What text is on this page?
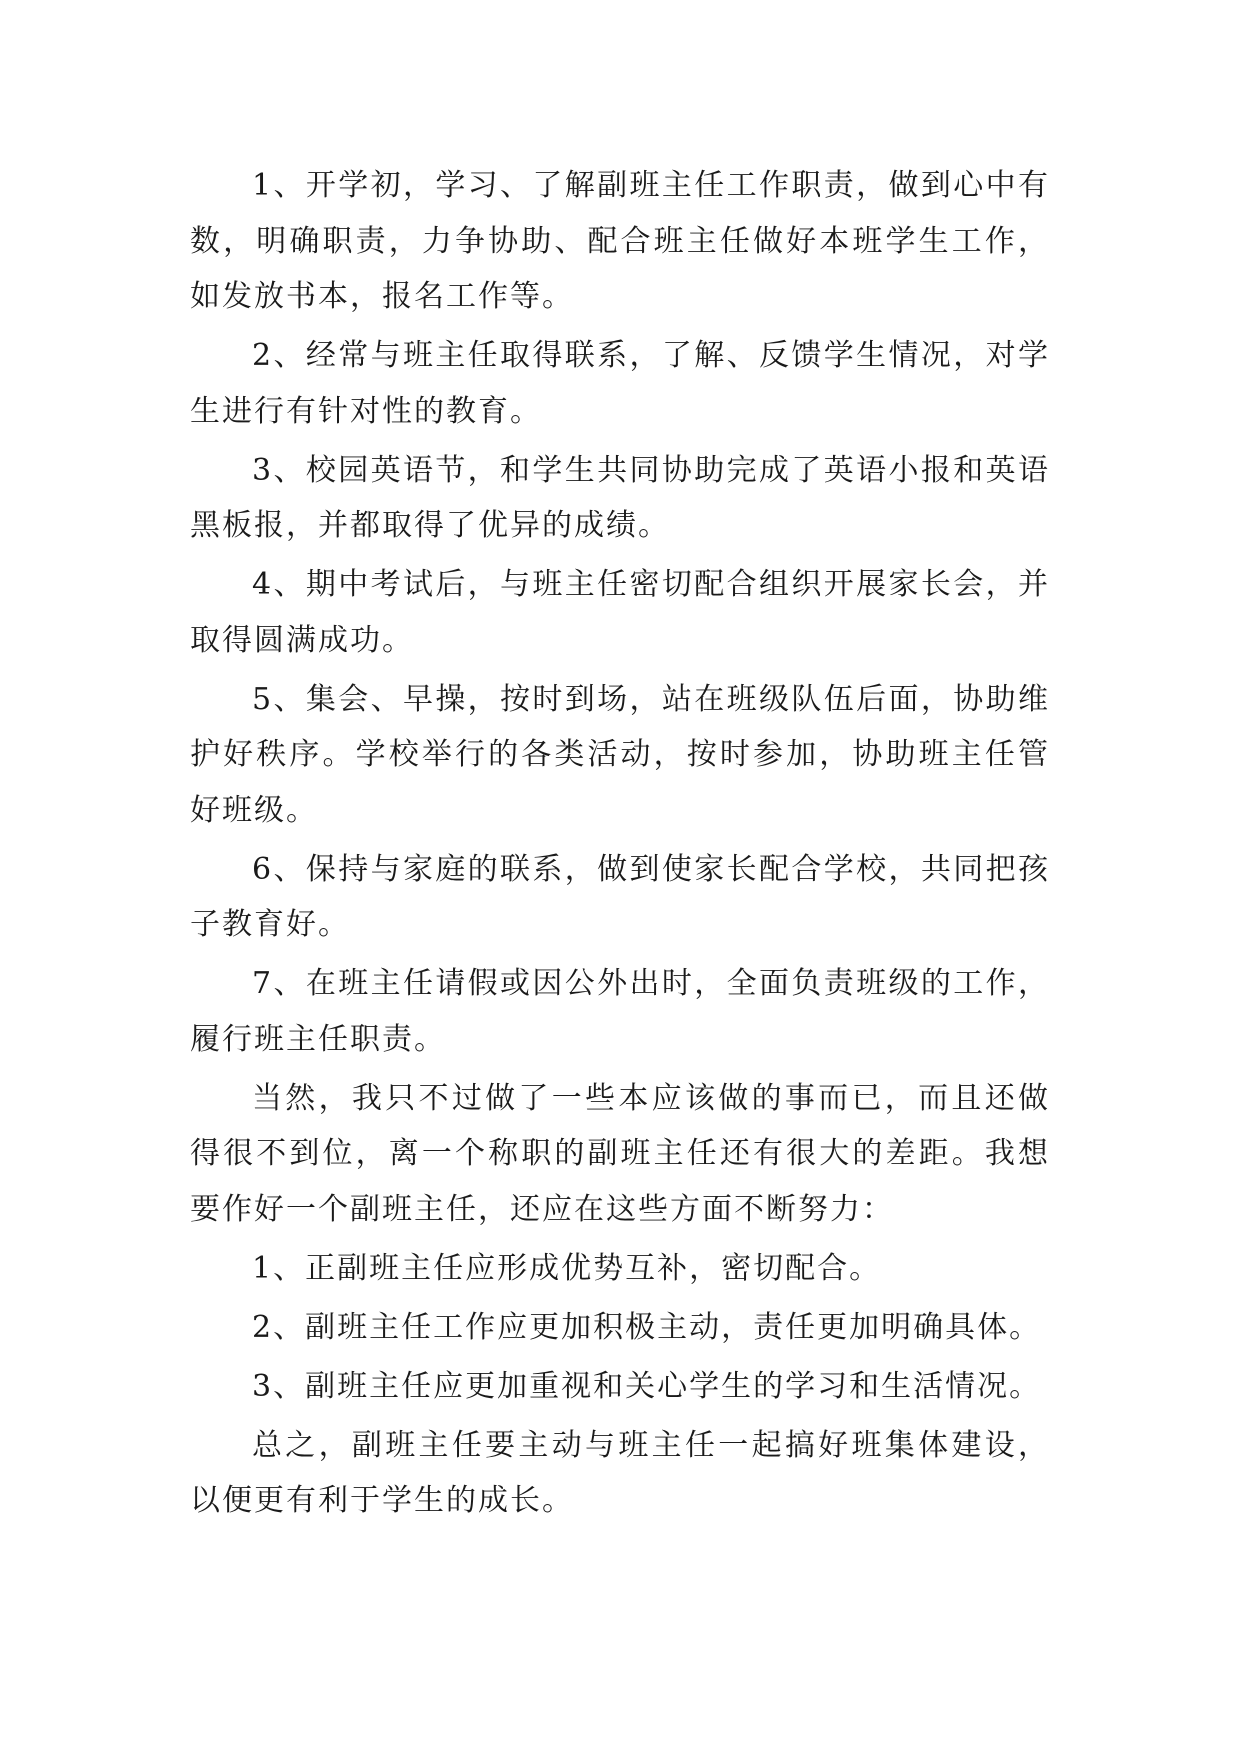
1、开学初，学习、了解副班主任工作职责，做到心中有数，明确职责，力争协助、配合班主任做好本班学生工作，如发放书本，报名工作等。

2、经常与班主任取得联系，了解、反馈学生情况，对学生进行有针对性的教育。

3、校园英语节，和学生共同协助完成了英语小报和英语黑板报，并都取得了优异的成绩。

4、期中考试后，与班主任密切配合组织开展家长会，并取得圆满成功。

5、集会、早操，按时到场，站在班级队伍后面，协助维护好秩序。学校举行的各类活动，按时参加，协助班主任管好班级。

6、保持与家庭的联系，做到使家长配合学校，共同把孩子教育好。

7、在班主任请假或因公外出时，全面负责班级的工作，履行班主任职责。

当然，我只不过做了一些本应该做的事而已，而且还做得很不到位，离一个称职的副班主任还有很大的差距。我想要作好一个副班主任，还应在这些方面不断努力：

1、正副班主任应形成优势互补，密切配合。

2、副班主任工作应更加积极主动，责任更加明确具体。

3、副班主任应更加重视和关心学生的学习和生活情况。

总之，副班主任要主动与班主任一起搞好班集体建设，以便更有利于学生的成长。
